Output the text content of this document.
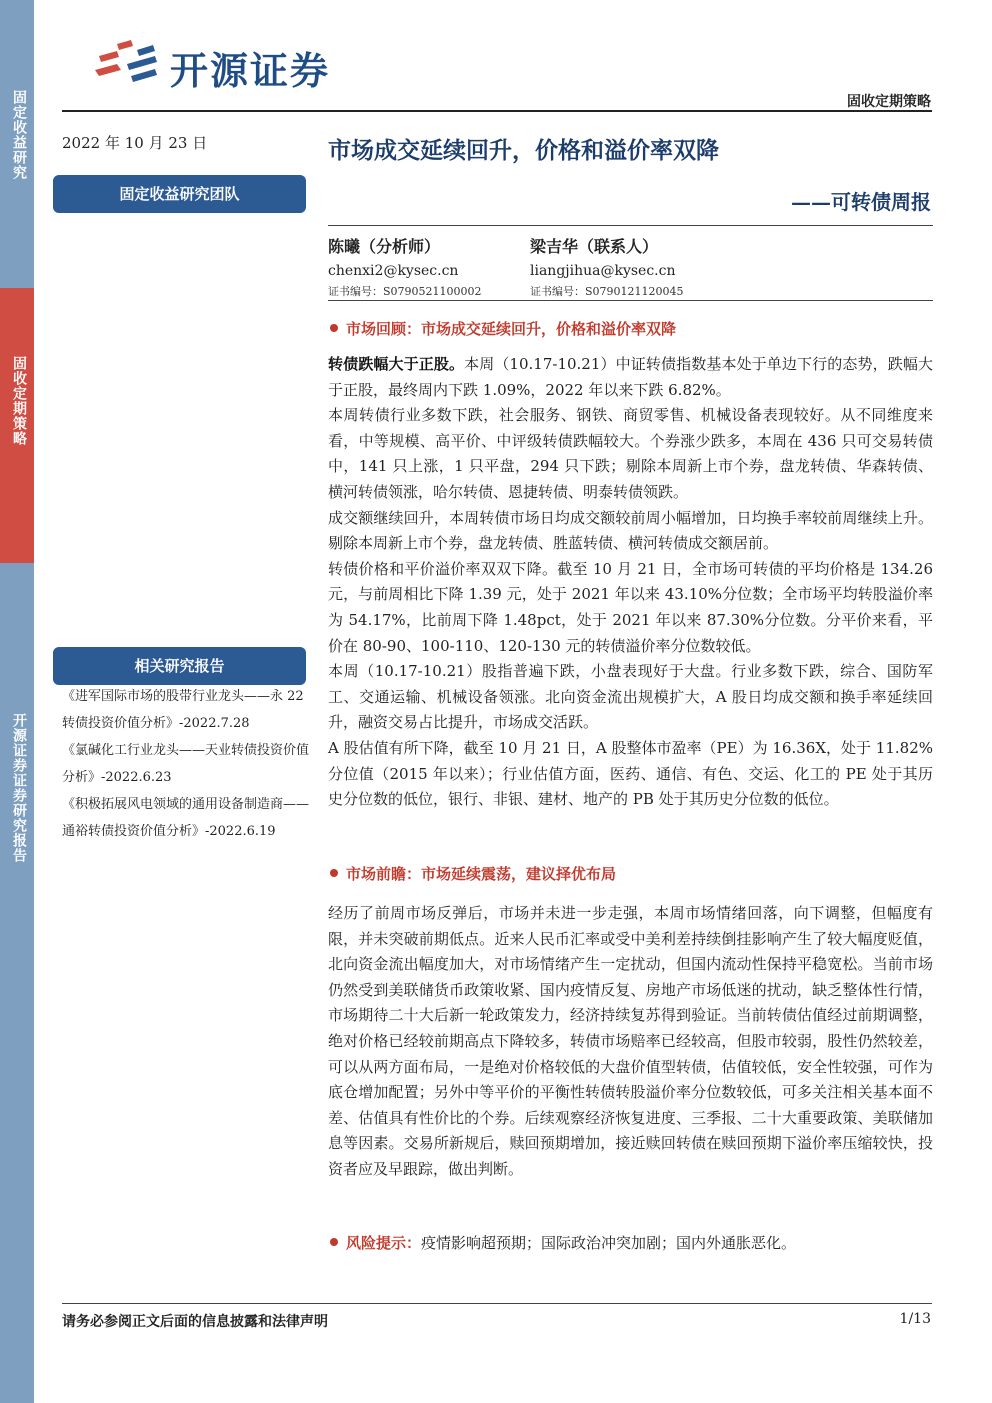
固定收益研究
固收定期策略
开源证券证券研究报告
开源证券
固收定期策略
2022 年 10 月 23 日
固定收益研究团队
相关研究报告
《进军国际市场的股带行业龙头——永 22 转债投资价值分析》-2022.7.28
《氯碱化工行业龙头——天业转债投资价值分析》-2022.6.23
《积极拓展风电领域的通用设备制造商——通裕转债投资价值分析》-2022.6.19
市场成交延续回升，价格和溢价率双降
——可转债周报
陈曦（分析师）
chenxi2@kysec.cn
证书编号：S0790521100002
梁吉华（联系人）
liangjihua@kysec.cn
证书编号：S0790121120045
市场回顾：市场成交延续回升，价格和溢价率双降

转债跌幅大于正股。本周（10.17-10.21）中证转债指数基本处于单边下行的态势，跌幅大于正股，最终周内下跌 1.09%，2022 年以来下跌 6.82%。

本周转债行业多数下跌，社会服务、钢铁、商贸零售、机械设备表现较好。从不同维度来看，中等规模、高平价、中评级转债跌幅较大。个券涨少跌多，本周在 436 只可交易转债中，141 只上涨，1 只平盘，294 只下跌；剔除本周新上市个券，盘龙转债、华森转债、横河转债领涨，哈尔转债、恩捷转债、明泰转债领跌。

成交额继续回升，本周转债市场日均成交额较前周小幅增加，日均换手率较前周继续上升。剔除本周新上市个券，盘龙转债、胜蓝转债、横河转债成交额居前。

转债价格和平价溢价率双双下降。截至 10 月 21 日，全市场可转债的平均价格是 134.26 元，与前周相比下降 1.39 元，处于 2021 年以来 43.10%分位数；全市场平均转股溢价率为 54.17%，比前周下降 1.48pct，处于 2021 年以来 87.30%分位数。分平价来看，平价在 80-90、100-110、120-130 元的转债溢价率分位数较低。

本周（10.17-10.21）股指普遍下跌，小盘表现好于大盘。行业多数下跌，综合、国防军工、交通运输、机械设备领涨。北向资金流出规模扩大，A 股日均成交额和换手率延续回升，融资交易占比提升，市场成交活跃。

A 股估值有所下降，截至 10 月 21 日，A 股整体市盈率（PE）为 16.36X，处于 11.82%分位值（2015 年以来）；行业估值方面，医药、通信、有色、交运、化工的 PE 处于其历史分位数的低位，银行、非银、建材、地产的 PB 处于其历史分位数的低位。

市场前瞻：市场延续震荡，建议择优布局

经历了前周市场反弹后，市场并未进一步走强，本周市场情绪回落，向下调整，但幅度有限，并未突破前期低点。近来人民币汇率或受中美利差持续倒挂影响产生了较大幅度贬值，北向资金流出幅度加大，对市场情绪产生一定扰动，但国内流动性保持平稳宽松。当前市场仍然受到美联储货币政策收紧、国内疫情反复、房地产市场低迷的扰动，缺乏整体性行情，市场期待二十大后新一轮政策发力，经济持续复苏得到验证。当前转债估值经过前期调整，绝对价格已经较前期高点下降较多，转债市场赔率已经较高，但股市较弱，股性仍然较差，可以从两方面布局，一是绝对价格较低的大盘价值型转债，估值较低，安全性较强，可作为底仓增加配置；另外中等平价的平衡性转债转股溢价率分位数较低，可多关注相关基本面不差、估值具有性价比的个券。后续观察经济恢复进度、三季报、二十大重要政策、美联储加息等因素。交易所新规后，赎回预期增加，接近赎回转债在赎回预期下溢价率压缩较快，投资者应及早跟踪，做出判断。

风险提示：疫情影响超预期；国际政治冲突加剧；国内外通胀恶化。
请务必参阅正文后面的信息披露和法律声明	1/13
